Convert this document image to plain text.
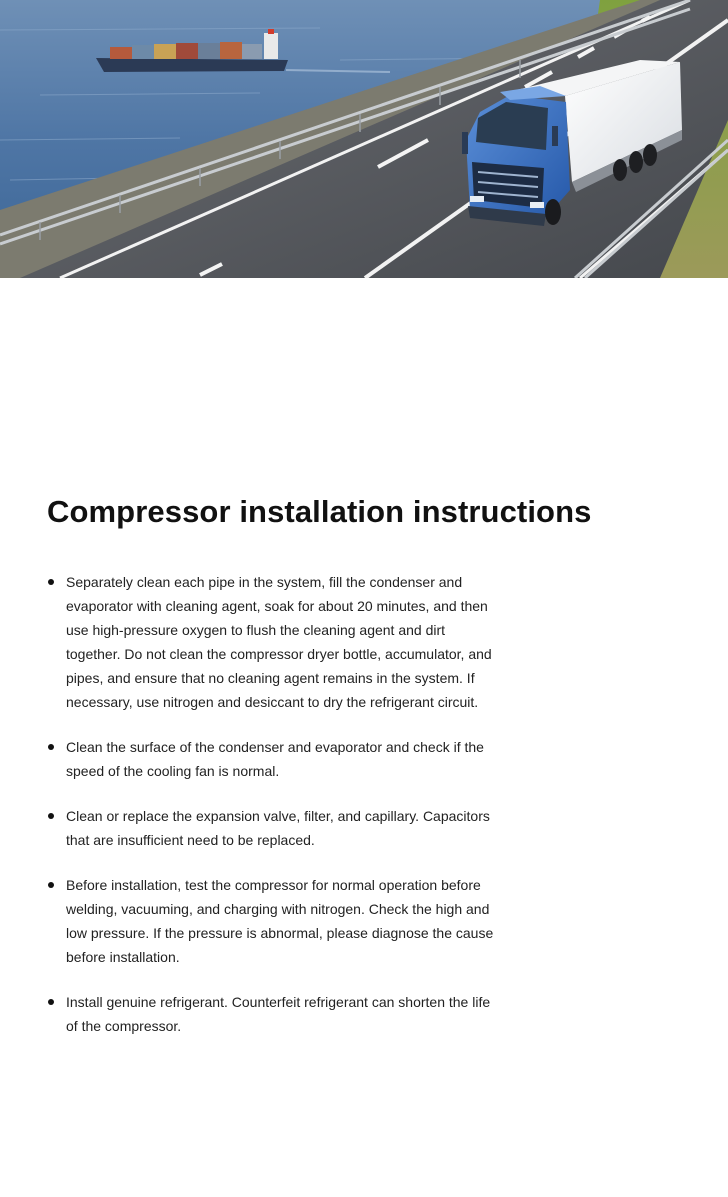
Compressor installation instructions
Separately clean each pipe in the system, fill the condenser and evaporator with cleaning agent, soak for about 20 minutes, and then use high-pressure oxygen to flush the cleaning agent and dirt together. Do not clean the compressor dryer bottle, accumulator, and pipes, and ensure that no cleaning agent remains in the system. If necessary, use nitrogen and desiccant to dry the refrigerant circuit.
Clean the surface of the condenser and evaporator and check if the speed of the cooling fan is normal.
Clean or replace the expansion valve, filter, and capillary. Capacitors that are insufficient need to be replaced.
Before installation, test the compressor for normal operation before welding, vacuuming, and charging with nitrogen. Check the high and low pressure. If the pressure is abnormal, please diagnose the cause before installation.
Install genuine refrigerant. Counterfeit refrigerant can shorten the life of the compressor.
